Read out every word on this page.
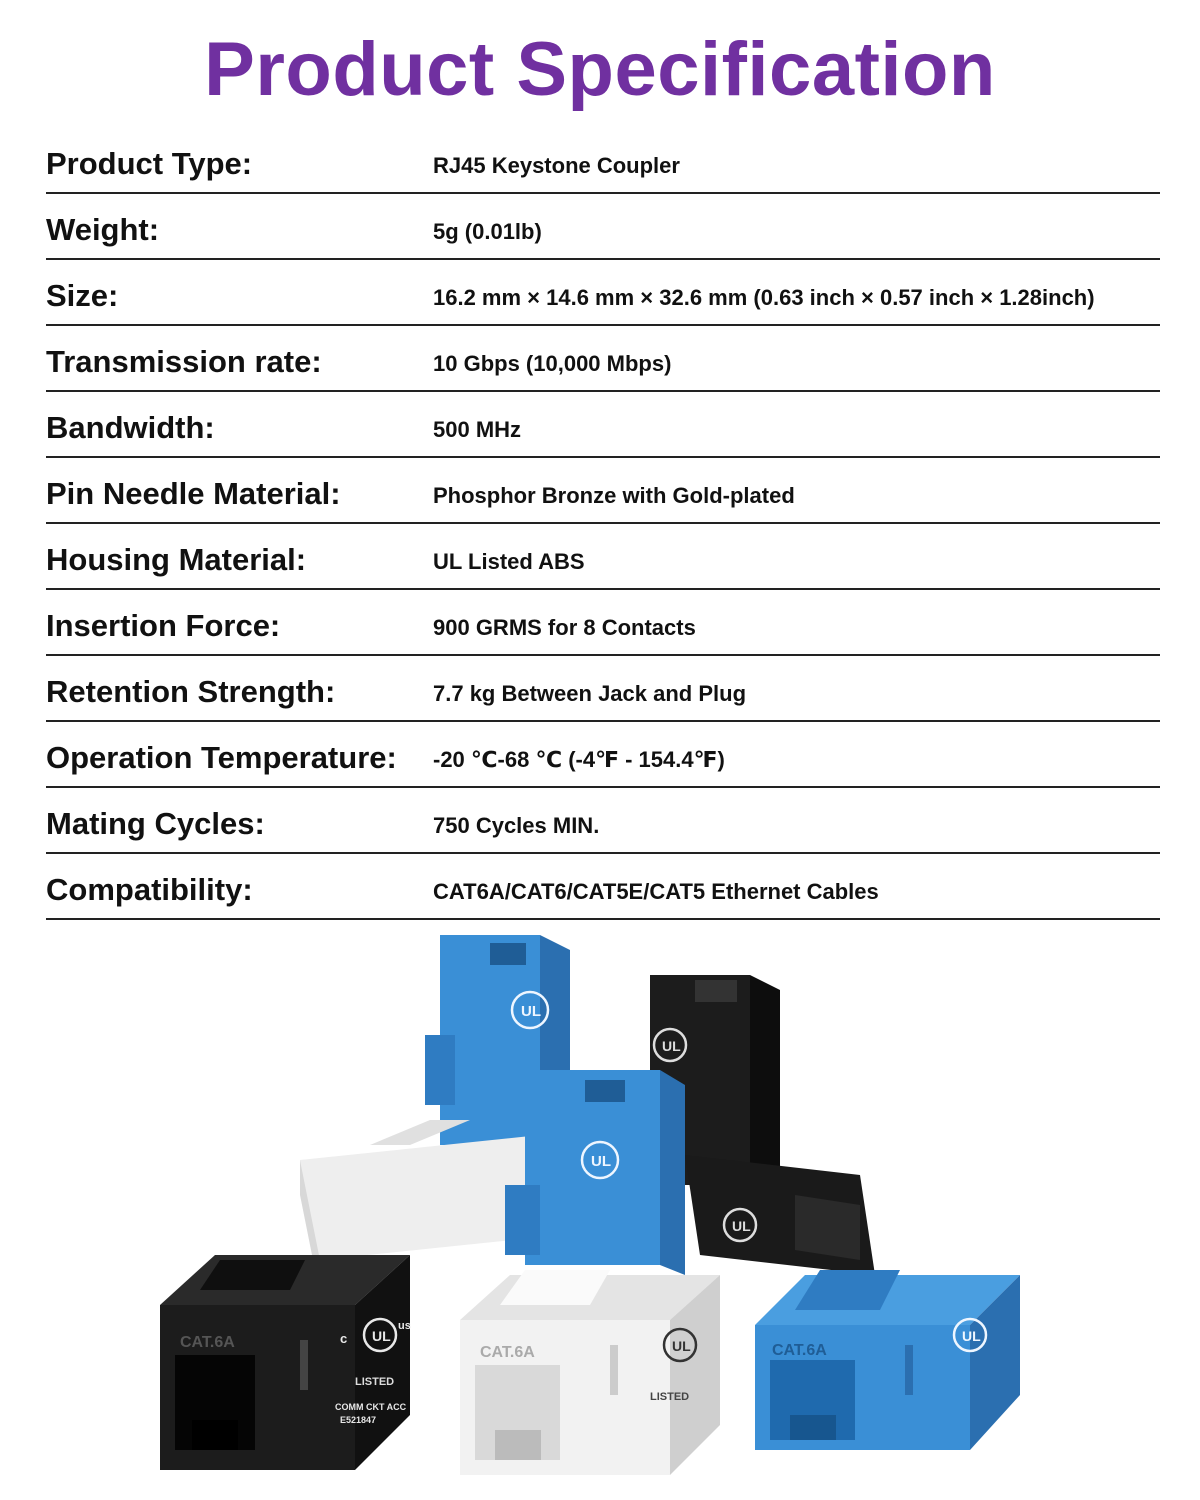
Product Specification
Product Type:	RJ45 Keystone Coupler
Weight:	5g (0.01lb)
Size:	16.2 mm × 14.6 mm × 32.6 mm (0.63 inch × 0.57 inch × 1.28inch)
Transmission rate:	10 Gbps (10,000 Mbps)
Bandwidth:	500 MHz
Pin Needle Material:	Phosphor Bronze with Gold-plated
Housing Material:	UL Listed ABS
Insertion Force:	900 GRMS for 8 Contacts
Retention Strength:	7.7 kg Between Jack and Plug
Operation Temperature: -20 ℃-68 ℃ (-4℉ - 154.4℉)
Mating Cycles:	750 Cycles MIN.
Compatibility:	CAT6A/CAT6/CAT5E/CAT5 Ethernet Cables
CAT.6A
LISTED
CAT.6A
LISTED
CAT.6A
UL
c
us
COMM CKT ACC
E521847
UL
UL
UL
UL
UL
UL
